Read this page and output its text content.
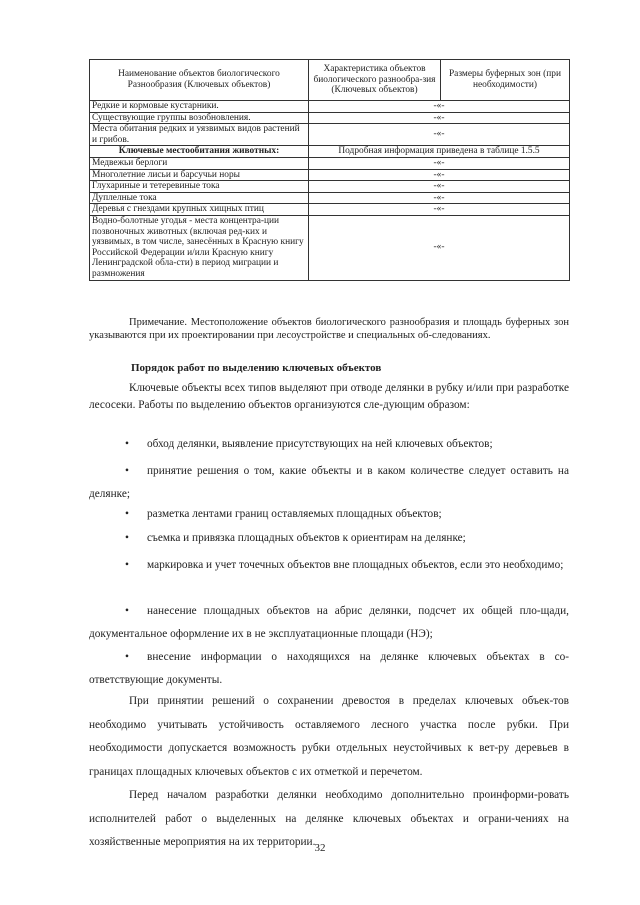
Наименование объектов биологического Разнообразия (Ключевых объектов)	Характеристика объектов биологического разнообра-зия (Ключевых объектов)	Размеры буферных зон (при необходимости)
Редкие и кормовые кустарники.	-«-	
Существующие группы возобновления.	-«-	
Места обитания редких и уязвимых видов растений и грибов.	-«-	
Ключевые местообитания животных:	Подробная информация приведена в таблице 1.5.5	
Медвежьи берлоги	-«-	
Многолетние лисьи и барсучьи норы	-«-	
Глухариные и тетеревиные тока	-«-	
Дуплелные тока	-«-	
Деревья с гнездами крупных хищных птиц	-«-	
Водно-болотные угодья - места концентра-ции позвоночных животных (включая ред-ких и уязвимых, в том числе, занесённых в Красную книгу Российской Федерации и/или Красную книгу Ленинградской обла-сти) в период миграции и размножения	-«-	
Примечание. Местоположение объектов биологического разнообразия и площадь буферных зон указываются при их проектировании при лесоустройстве и специальных об-следованиях.
Порядок работ по выделению ключевых объектов
Ключевые объекты всех типов выделяют при отводе делянки в рубку и/или при разработке лесосеки. Работы по выделению объектов организуются сле-дующим образом:
• обход делянки, выявление присутствующих на ней ключевых объектов;
• принятие решения о том, какие объекты и в каком количестве следует оставить на делянке;
• разметка лентами границ оставляемых площадных объектов;
• съемка и привязка площадных объектов к ориентирам на делянке;
• маркировка и учет точечных объектов вне площадных объектов, если это необходимо;
• нанесение площадных объектов на абрис делянки, подсчет их общей пло-щади, документальное оформление их в не эксплуатационные площади (НЭ);
• внесение информации о находящихся на делянке ключевых объектах в со-ответствующие документы.
При принятии решений о сохранении древостоя в пределах ключевых объек-тов необходимо учитывать устойчивость оставляемого лесного участка после рубки. При необходимости допускается возможность рубки отдельных неустойчивых к вет-ру деревьев в границах площадных ключевых объектов с их отметкой и перечетом.
Перед началом разработки делянки необходимо дополнительно проинформи-ровать исполнителей работ о выделенных на делянке ключевых объектах и ограни-чениях на хозяйственные мероприятия на их территории. 32
